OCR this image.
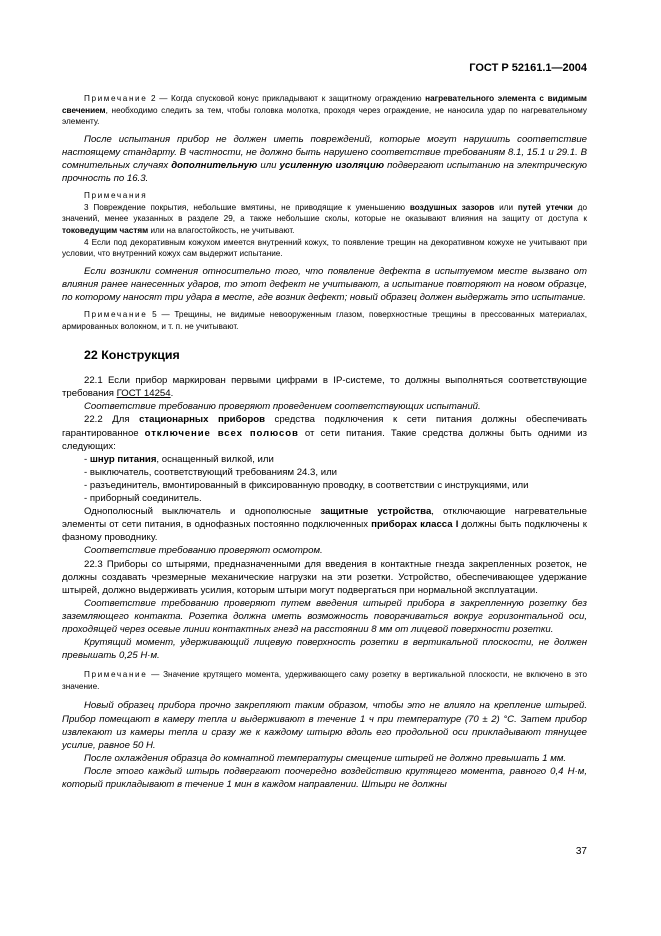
ГОСТ Р 52161.1—2004

Примечание 2 — Когда спусковой конус прикладывают к защитному ограждению нагревательного элемента с видимым свечением, необходимо следить за тем, чтобы головка молотка, проходя через ограждение, не наносила удар по нагревательному элементу.

После испытания прибор не должен иметь повреждений, которые могут нарушить соответствие настоящему стандарту. В частности, не должно быть нарушено соответствие требованиям 8.1, 15.1 и 29.1. В сомнительных случаях дополнительную или усиленную изоляцию подвергают испытанию на электрическую прочность по 16.3.

Примечания

3 Повреждение покрытия, небольшие вмятины, не приводящие к уменьшению воздушных зазоров или путей утечки до значений, менее указанных в разделе 29, а также небольшие сколы, которые не оказывают влияния на защиту от доступа к токоведущим частям или на влагостойкость, не учитывают.

4 Если под декоративным кожухом имеется внутренний кожух, то появление трещин на декоративном кожухе не учитывают при условии, что внутренний кожух сам выдержит испытание.

Если возникли сомнения относительно того, что появление дефекта в испытуемом месте вызвано от влияния ранее нанесенных ударов, то этот дефект не учитывают, а испытание повторяют на новом образце, по которому наносят три удара в месте, где возник дефект; новый образец должен выдержать это испытание.

Примечание 5 — Трещины, не видимые невооруженным глазом, поверхностные трещины в прессованных материалах, армированных волокном, и т. п. не учитывают.

22 Конструкция

22.1 Если прибор маркирован первыми цифрами в IP-системе, то должны выполняться соответствующие требования ГОСТ 14254.

Соответствие требованию проверяют проведением соответствующих испытаний.

22.2 Для стационарных приборов средства подключения к сети питания должны обеспечивать гарантированное отключение всех полюсов от сети питания. Такие средства должны быть одними из следующих:

- шнур питания, оснащенный вилкой, или

- выключатель, соответствующий требованиям 24.3, или

- разъединитель, вмонтированный в фиксированную проводку, в соответствии с инструкциями, или

- приборный соединитель.

Однополюсный выключатель и однополюсные защитные устройства, отключающие нагревательные элементы от сети питания, в однофазных постоянно подключенных приборах класса I должны быть подключены к фазному проводнику.

Соответствие требованию проверяют осмотром.

22.3 Приборы со штырями, предназначенными для введения в контактные гнезда закрепленных розеток, не должны создавать чрезмерные механические нагрузки на эти розетки. Устройство, обеспечивающее удержание штырей, должно выдерживать усилия, которым штыри могут подвергаться при нормальной эксплуатации.

Соответствие требованию проверяют путем введения штырей прибора в закрепленную розетку без заземляющего контакта. Розетка должна иметь возможность поворачиваться вокруг горизонтальной оси, проходящей через осевые линии контактных гнезд на расстоянии 8 мм от лицевой поверхности розетки.

Крутящий момент, удерживающий лицевую поверхность розетки в вертикальной плоскости, не должен превышать 0,25 Н·м.

Примечание — Значение крутящего момента, удерживающего саму розетку в вертикальной плоскости, не включено в это значение.

Новый образец прибора прочно закрепляют таким образом, чтобы это не влияло на крепление штырей. Прибор помещают в камеру тепла и выдерживают в течение 1 ч при температуре (70 ± 2) °С. Затем прибор извлекают из камеры тепла и сразу же к каждому штырю вдоль его продольной оси прикладывают тянущее усилие, равное 50 Н.

После охлаждения образца до комнатной температуры смещение штырей не должно превышать 1 мм.

После этого каждый штырь подвергают поочередно воздействию крутящего момента, равного 0,4 Н·м, который прикладывают в течение 1 мин в каждом направлении. Штыри не должны

37
